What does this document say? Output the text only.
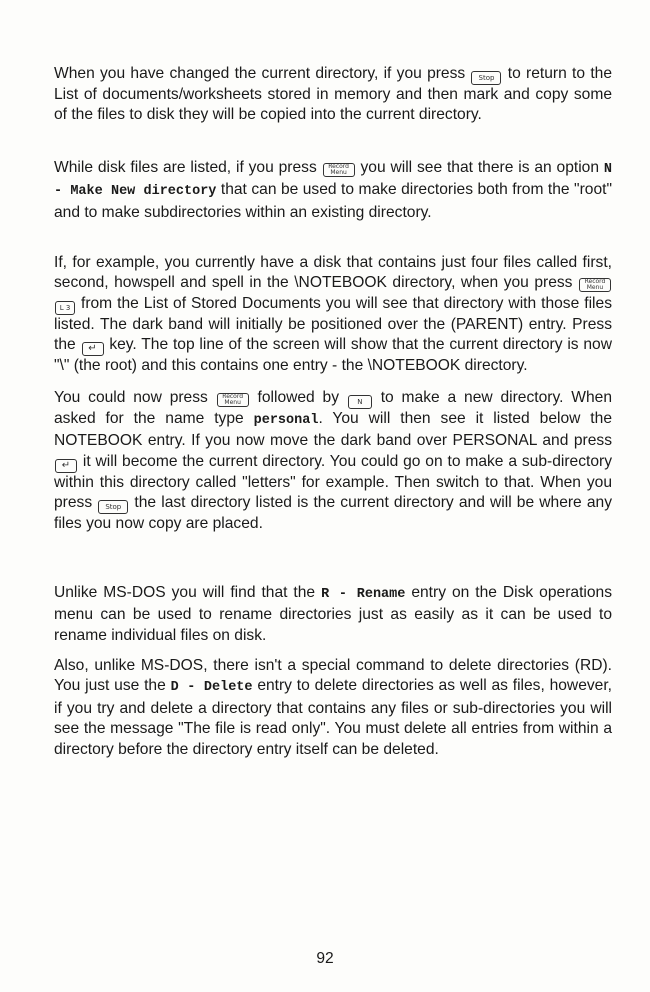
When you have changed the current directory, if you press Stop to return to the List of documents/worksheets stored in memory and then mark and copy some of the files to disk they will be copied into the current directory.

While disk files are listed, if you press Record
Menu you will see that there is an option N - Make New directory that can be used to make directories both from the "root" and to make subdirectories within an existing directory.

If, for example, you currently have a disk that contains just four files called first, second, howspell and spell in the \NOTEBOOK directory, when you press Record
MenuL 3 from the List of Stored Documents you will see that directory with those files listed. The dark band will initially be positioned over the (PARENT) entry. Press the ↵ key. The top line of the screen will show that the current directory is now "\" (the root) and this contains one entry - the \NOTEBOOK directory.

You could now press Record
Menu followed by	N to make a new directory. When asked for the name type personal. You will then see it listed below the NOTEBOOK entry. If you now move the dark band over PERSONAL and press ↵ it will become the current directory. You could go on to make a sub-directory within this directory called "letters" for example. Then switch to that. When you press Stop the last directory listed is the current directory and will be where any files you now copy are placed.

Unlike MS-DOS you will find that the R - Rename entry on the Disk operations menu can be used to rename directories just as easily as it can be used to rename individual files on disk.

Also, unlike MS-DOS, there isn't a special command to delete directories (RD). You just use the D - Delete entry to delete directories as well as files, however, if you try and delete a directory that contains any files or sub-directories you will see the message "The file is read only". You must delete all entries from within a directory before the directory entry itself can be deleted.

92
